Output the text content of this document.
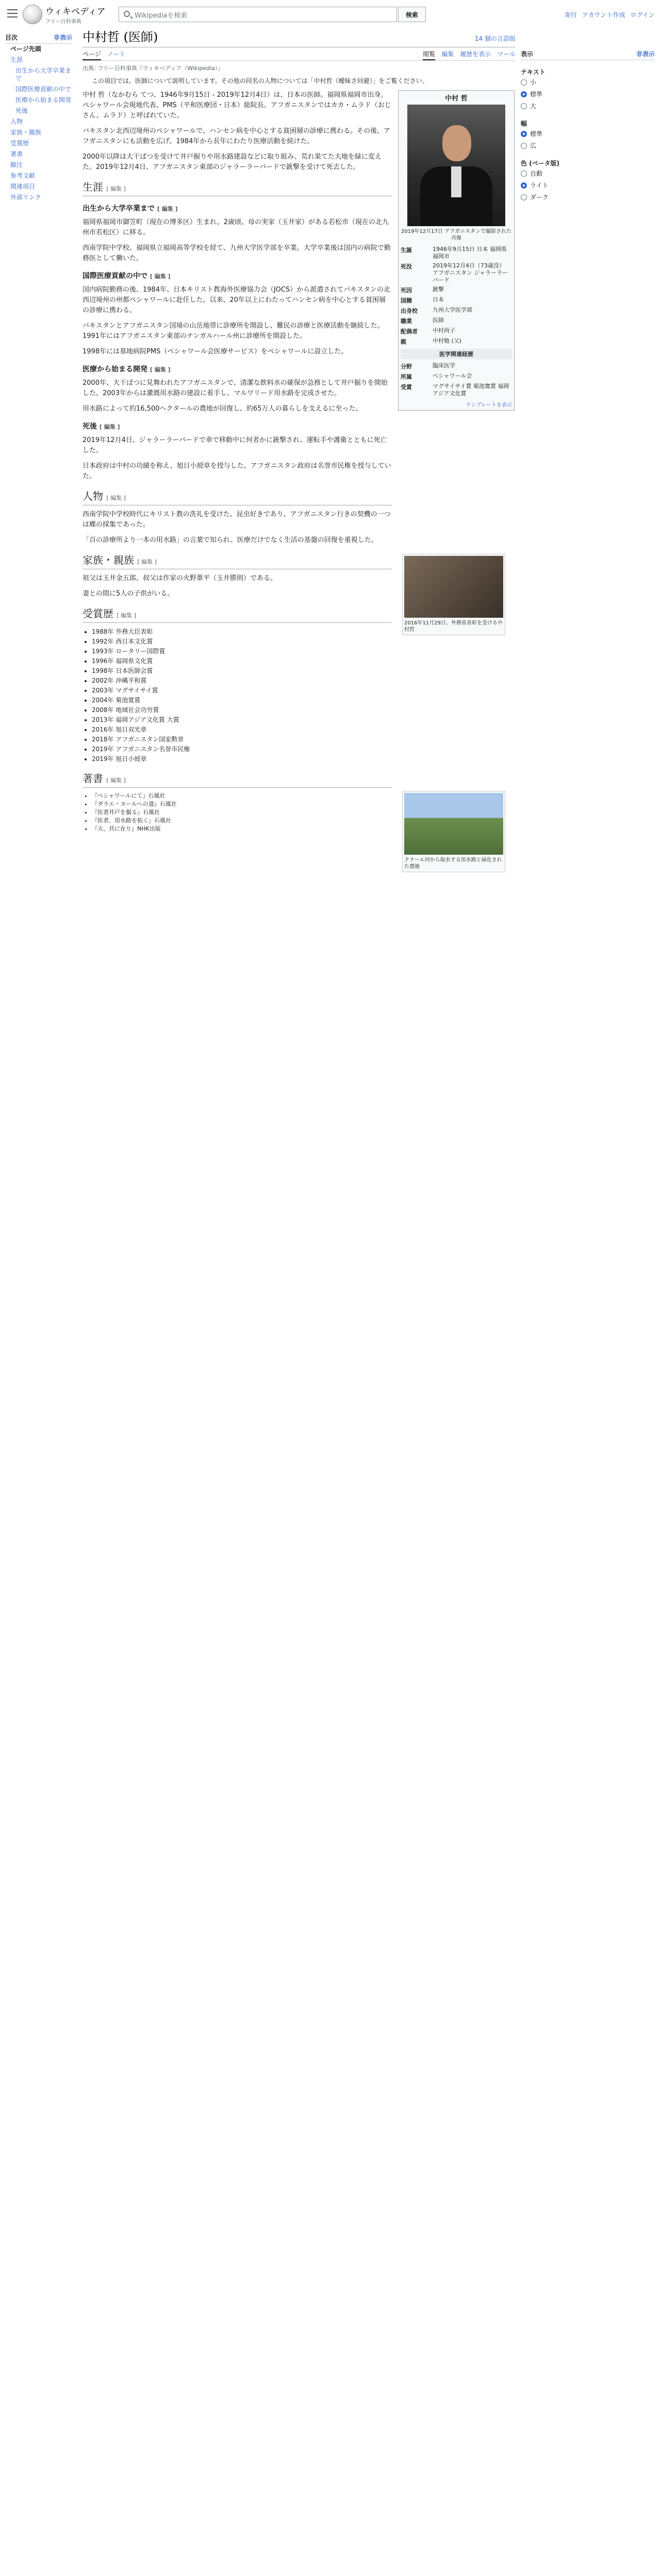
ウィキペディア
フリー百科事典
Wikipediaを検索	検索	寄付 アカウント作成 ログイン
目次	非表示
ページ先頭
生涯
出生から大学卒業まで
国際医療貢献の中で
医療から始まる開発
死後
人物
家族・親族
受賞歴
著書
脚注
参考文献
関連項目
外部リンク
表示	非表示
テキスト
小
標準
大
幅
標準
広
色 (ベータ版)
自動
ライト
ダーク
中村哲 (医師)	14 個の言語版
ページ ノート	閲覧 編集 履歴を表示 ツール
出典: フリー百科事典『ウィキペディア（Wikipedia）』
この項目では、医師について説明しています。その他の同名の人物については「中村哲（曖昧さ回避）」をご覧ください。
中村 哲
2019年12月17日 アフガニスタンで撮影された肖像
生誕	1946年9月15日 日本 福岡県福岡市
死没	2019年12月4日（73歳没） アフガニスタン ジャラーラーバード
死因	銃撃
国籍	日本
出身校	九州大学医学部
職業	医師
配偶者	中村尚子
親	中村勉 (父)
医学関連経歴
分野	臨床医学
所属	ペシャワール会
受賞	マグサイサイ賞 菊池寛賞 福岡アジア文化賞
テンプレートを表示

中村 哲（なかむら てつ、1946年9月15日 - 2019年12月4日）は、日本の医師。福岡県福岡市出身。ペシャワール会現地代表、PMS（平和医療団・日本）総院長。アフガニスタンではカカ・ムラド（おじさん、ムラド）と呼ばれていた。

パキスタン北西辺境州のペシャワールで、ハンセン病を中心とする貧困層の診療に携わる。その後、アフガニスタンにも活動を広げ、1984年から長年にわたり医療活動を続けた。

2000年以降は大干ばつを受けて井戸掘りや用水路建設などに取り組み、荒れ果てた大地を緑に変えた。2019年12月4日、アフガニスタン東部のジャラーラーバードで銃撃を受けて死去した。

生涯 [ 編集 ]
出生から大学卒業まで [ 編集 ]

福岡県福岡市御笠町（現在の博多区）生まれ。2歳頃、母の実家（玉井家）がある若松市（現在の北九州市若松区）に移る。

西南学院中学校、福岡県立福岡高等学校を経て、九州大学医学部を卒業。大学卒業後は国内の病院で勤務医として働いた。

国際医療貢献の中で [ 編集 ]

国内病院勤務の後、1984年、日本キリスト教海外医療協力会（JOCS）から派遣されてパキスタンの北西辺境州の州都ペシャワールに赴任した。以来、20年以上にわたってハンセン病を中心とする貧困層の診療に携わる。

パキスタンとアフガニスタン国境の山岳地帯に診療所を開設し、難民の診療と医療活動を継続した。1991年にはアフガニスタン東部のナンガルハール州に診療所を開設した。

1998年には基地病院PMS（ペシャワール会医療サービス）をペシャワールに設立した。

医療から始まる開発 [ 編集 ]

2000年、大干ばつに見舞われたアフガニスタンで、清潔な飲料水の確保が急務として井戸掘りを開始した。2003年からは灌漑用水路の建設に着手し、マルワリード用水路を完成させた。

用水路によって約16,500ヘクタールの農地が回復し、約65万人の暮らしを支えるに至った。

死後 [ 編集 ]

2019年12月4日、ジャラーラーバードで車で移動中に何者かに銃撃され、運転手や護衛とともに死亡した。

日本政府は中村の功績を称え、旭日小綬章を授与した。アフガニスタン政府は名誉市民権を授与していた。

人物 [ 編集 ]

西南学院中学校時代にキリスト教の洗礼を受けた。昆虫好きであり、アフガニスタン行きの契機の一つは蝶の採集であった。

「百の診療所より一本の用水路」の言葉で知られ、医療だけでなく生活の基盤の回復を重視した。

家族・親族 [ 編集 ]

祖父は玉井金五郎。叔父は作家の火野葦平（玉井勝則）である。

妻との間に5人の子供がいる。

受賞歴 [ 編集 ]
• 1988年 外務大臣表彰
• 1992年 西日本文化賞
• 1993年 ロータリー国際賞
• 1996年 福岡県文化賞
• 1998年 日本医師会賞
• 2002年 沖縄平和賞
• 2003年 マグサイサイ賞
• 2004年 菊池寛賞
• 2008年 地域社会功労賞
• 2013年 福岡アジア文化賞 大賞
• 2016年 旭日双光章
• 2018年 アフガニスタン国家勲章
• 2019年 アフガニスタン名誉市民権
• 2019年 旭日小綬章
著書 [ 編集 ]
• 『ペシャワールにて』石風社
• 『ダラエ・ヌールへの道』石風社
• 『医者井戸を掘る』石風社
• 『医者、用水路を拓く』石風社
• 『天、共に在り』NHK出版
2016年11月29日、外務省表彰を受ける中村哲
クナール河から取水する用水路と緑化された農地
